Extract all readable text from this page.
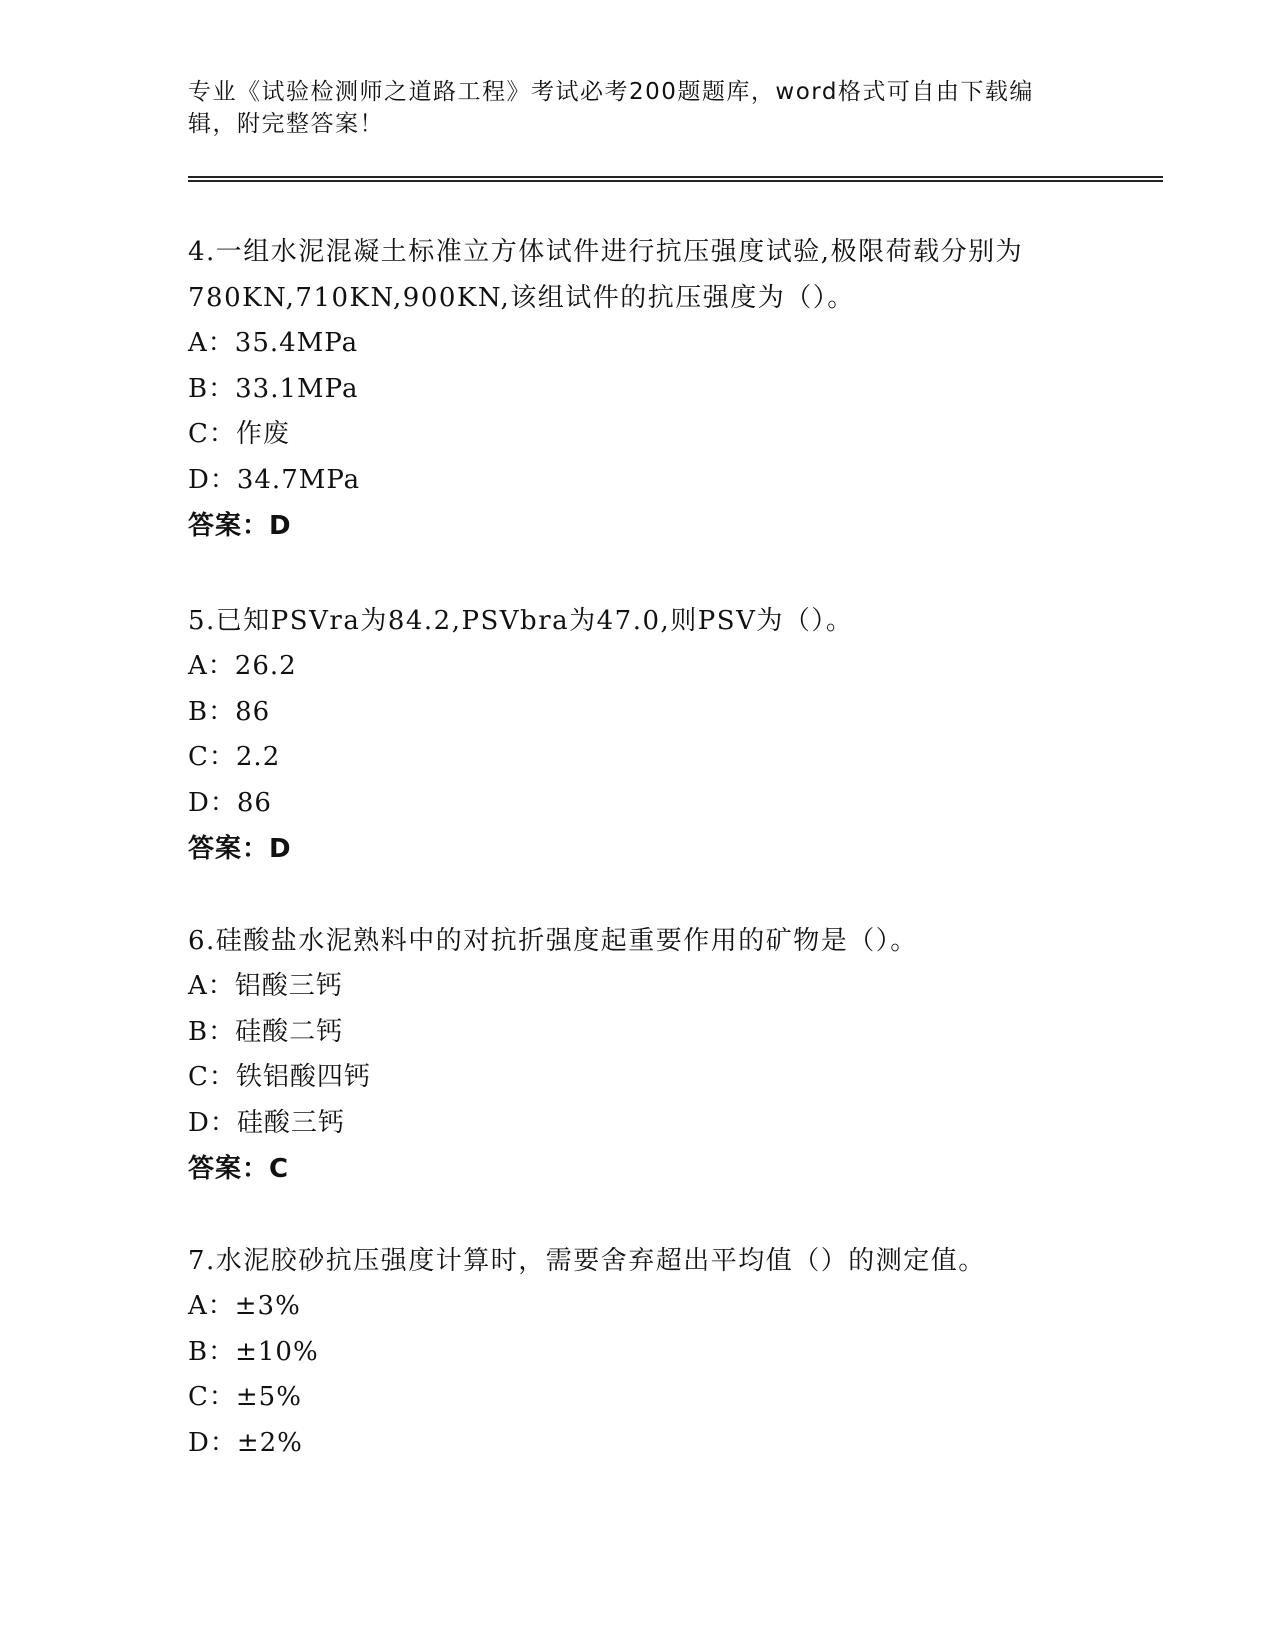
专业《试验检测师之道路工程》考试必考200题题库，word格式可自由下载编辑，附完整答案！

4.一组水泥混凝土标准立方体试件进行抗压强度试验,极限荷载分别为780KN,710KN,900KN,该组试件的抗压强度为（）。

A：35.4MPa

B：33.1MPa

C：作废

D：34.7MPa

答案：D

5.已知PSVra为84.2,PSVbra为47.0,则PSV为（）。

A：26.2

B：86

C：2.2

D：86

答案：D

6.硅酸盐水泥熟料中的对抗折强度起重要作用的矿物是（）。

A：铝酸三钙

B：硅酸二钙

C：铁铝酸四钙

D：硅酸三钙

答案：C

7.水泥胶砂抗压强度计算时，需要舍弃超出平均值（）的测定值。

A：±3%

B：±10%

C：±5%

D：±2%
